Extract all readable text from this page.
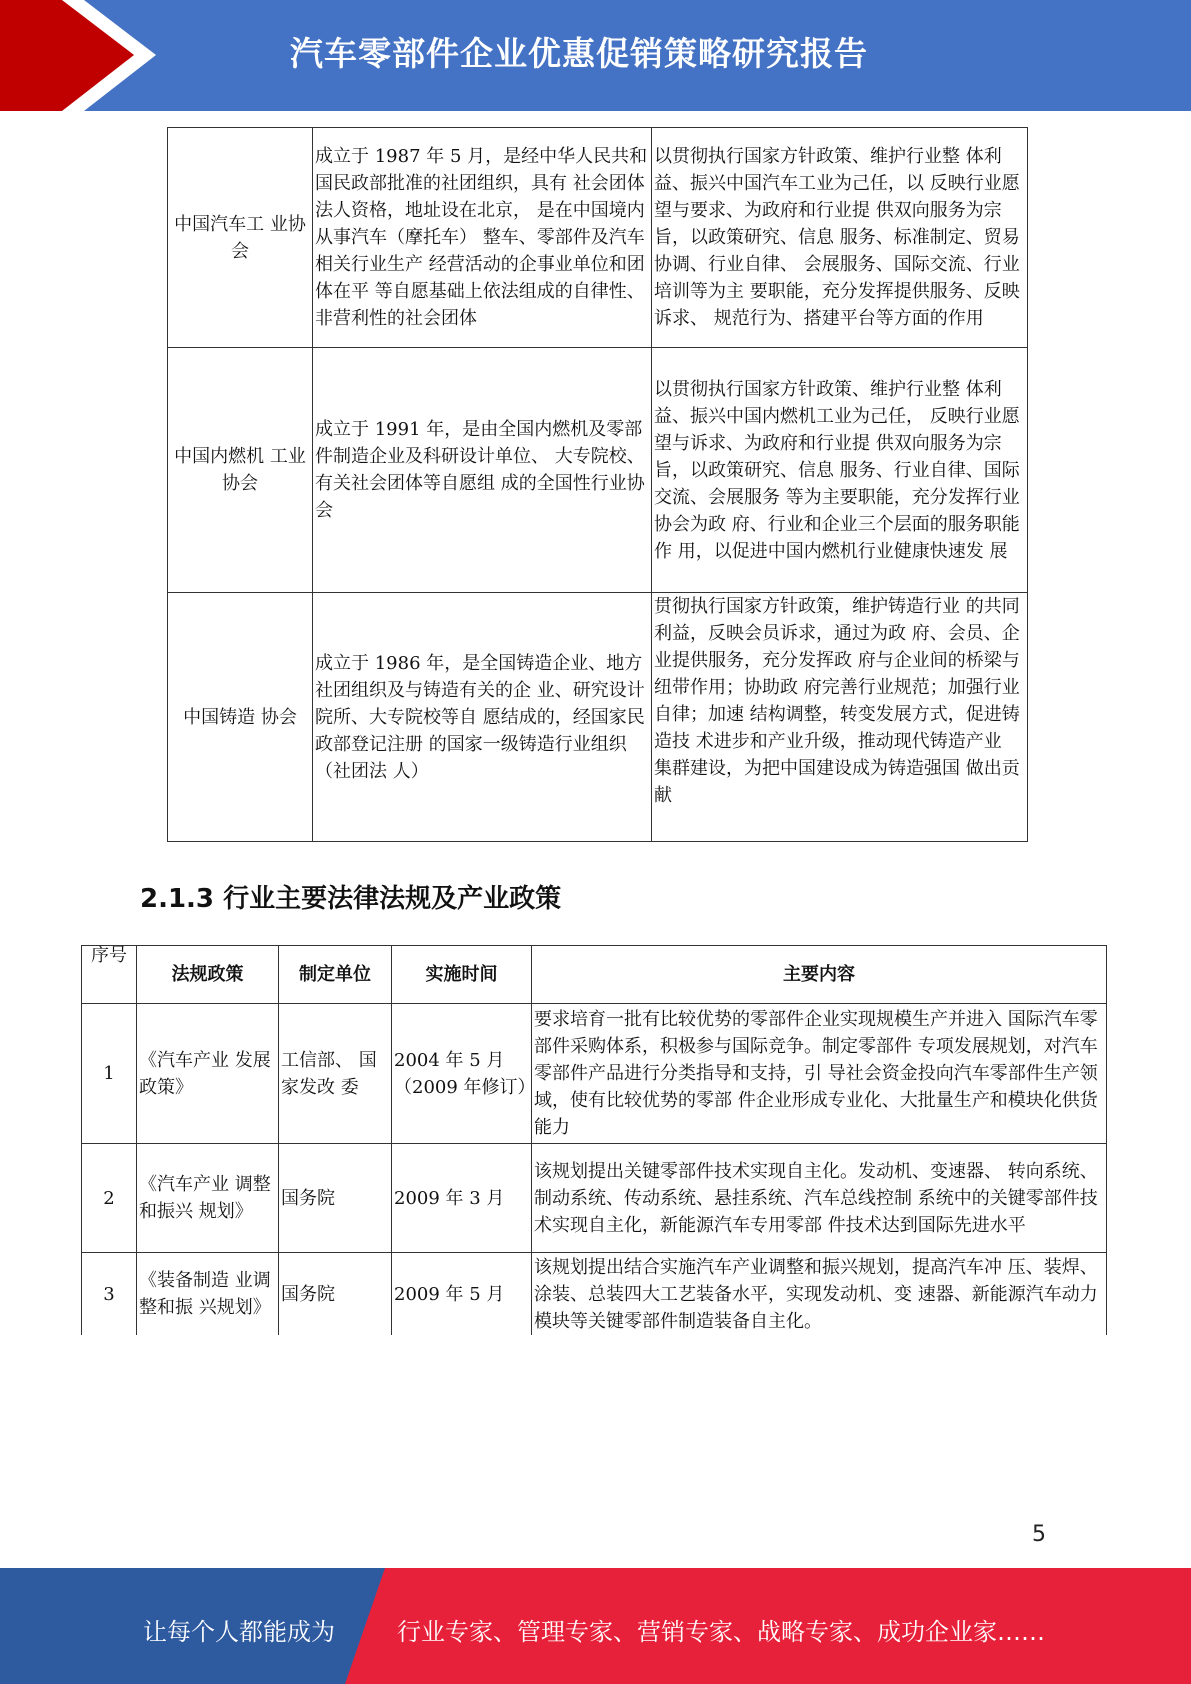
汽车零部件企业优惠促销策略研究报告
中国汽车工 业协会	成立于 1987 年 5 月，是经中华人民共和国民政部批准的社团组织，具有 社会团体法人资格，地址设在北京， 是在中国境内从事汽车（摩托车） 整车、零部件及汽车相关行业生产 经营活动的企事业单位和团体在平 等自愿基础上依法组成的自律性、 非营利性的社会团体	以贯彻执行国家方针政策、维护行业整 体利益、振兴中国汽车工业为己任，以 反映行业愿望与要求、为政府和行业提 供双向服务为宗旨，以政策研究、信息 服务、标准制定、贸易协调、行业自律、 会展服务、国际交流、行业培训等为主 要职能，充分发挥提供服务、反映诉求、 规范行为、搭建平台等方面的作用
中国内燃机 工业协会	成立于 1991 年，是由全国内燃机及零部件制造企业及科研设计单位、 大专院校、有关社会团体等自愿组 成的全国性行业协会	以贯彻执行国家方针政策、维护行业整 体利益、振兴中国内燃机工业为己任， 反映行业愿望与诉求、为政府和行业提 供双向服务为宗旨，以政策研究、信息 服务、行业自律、国际交流、会展服务 等为主要职能，充分发挥行业协会为政 府、行业和企业三个层面的服务职能作 用，以促进中国内燃机行业健康快速发 展
中国铸造 协会	成立于 1986 年，是全国铸造企业、地方社团组织及与铸造有关的企 业、研究设计院所、大专院校等自 愿结成的，经国家民政部登记注册 的国家一级铸造行业组织（社团法 人）	贯彻执行国家方针政策，维护铸造行业 的共同利益，反映会员诉求，通过为政 府、会员、企业提供服务，充分发挥政 府与企业间的桥梁与纽带作用；协助政 府完善行业规范；加强行业自律；加速 结构调整，转变发展方式，促进铸造技 术进步和产业升级，推动现代铸造产业 集群建设，为把中国建设成为铸造强国 做出贡献
2.1.3 行业主要法律法规及产业政策
序号	法规政策	制定单位	实施时间	主要内容
1	《汽车产业 发展政策》	工信部、 国家发改 委	2004 年 5 月（2009 年修订）	要求培育一批有比较优势的零部件企业实现规模生产并进入 国际汽车零部件采购体系，积极参与国际竞争。制定零部件 专项发展规划，对汽车零部件产品进行分类指导和支持，引 导社会资金投向汽车零部件生产领域，使有比较优势的零部 件企业形成专业化、大批量生产和模块化供货能力
2	《汽车产业 调整和振兴 规划》	国务院	2009 年 3 月	该规划提出关键零部件技术实现自主化。发动机、变速器、 转向系统、制动系统、传动系统、悬挂系统、汽车总线控制 系统中的关键零部件技术实现自主化，新能源汽车专用零部 件技术达到国际先进水平
3	《装备制造 业调整和振 兴规划》	国务院	2009 年 5 月	该规划提出结合实施汽车产业调整和振兴规划，提高汽车冲 压、装焊、涂装、总装四大工艺装备水平，实现发动机、变 速器、新能源汽车动力模块等关键零部件制造装备自主化。
5
让每个人都能成为	行业专家、管理专家、营销专家、战略专家、成功企业家……
